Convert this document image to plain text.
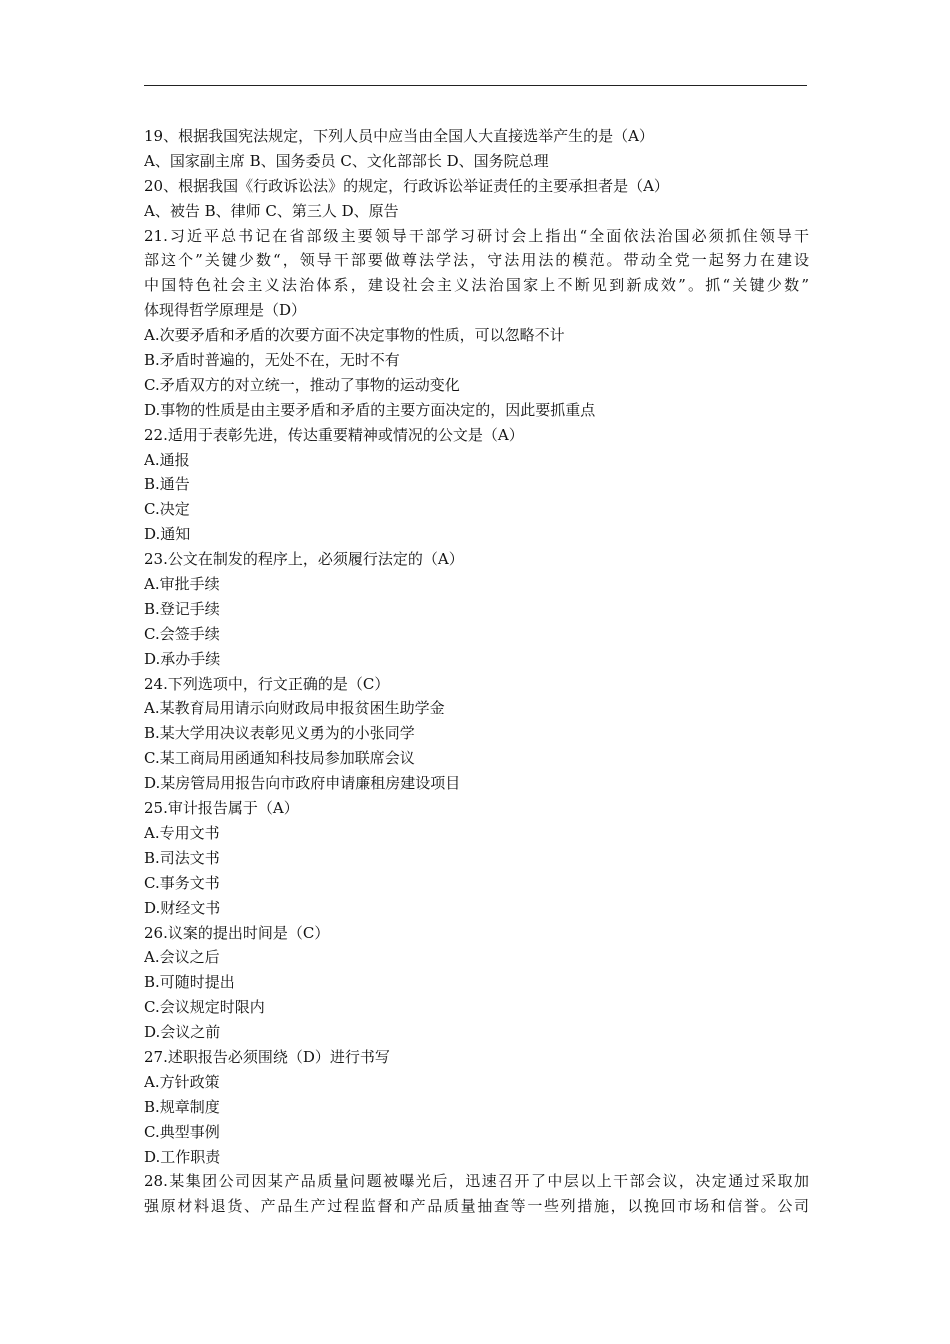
19、根据我国宪法规定，下列人员中应当由全国人大直接选举产生的是（A）
A、国家副主席 B、国务委员 C、文化部部长 D、国务院总理
20、根据我国《行政诉讼法》的规定，行政诉讼举证责任的主要承担者是（A）
A、被告 B、律师 C、第三人 D、原告
21.习近平总书记在省部级主要领导干部学习研讨会上指出“全面依法治国必须抓住领导干
部这个”关键少数“，领导干部要做尊法学法，守法用法的模范。带动全党一起努力在建设
中国特色社会主义法治体系，建设社会主义法治国家上不断见到新成效”。抓“关键少数”
体现得哲学原理是（D）
A.次要矛盾和矛盾的次要方面不决定事物的性质，可以忽略不计
B.矛盾时普遍的，无处不在，无时不有
C.矛盾双方的对立统一，推动了事物的运动变化
D.事物的性质是由主要矛盾和矛盾的主要方面决定的，因此要抓重点
22.适用于表彰先进，传达重要精神或情况的公文是（A）
A.通报
B.通告
C.决定
D.通知
23.公文在制发的程序上，必须履行法定的（A）
A.审批手续
B.登记手续
C.会签手续
D.承办手续
24.下列选项中，行文正确的是（C）
A.某教育局用请示向财政局申报贫困生助学金
B.某大学用决议表彰见义勇为的小张同学
C.某工商局用函通知科技局参加联席会议
D.某房管局用报告向市政府申请廉租房建设项目
25.审计报告属于（A）
A.专用文书
B.司法文书
C.事务文书
D.财经文书
26.议案的提出时间是（C）
A.会议之后
B.可随时提出
C.会议规定时限内
D.会议之前
27.述职报告必须围绕（D）进行书写
A.方针政策
B.规章制度
C.典型事例
D.工作职责
28.某集团公司因某产品质量问题被曝光后，迅速召开了中层以上干部会议，决定通过采取加
强原材料退货、产品生产过程监督和产品质量抽查等一些列措施，以挽回市场和信誉。公司
